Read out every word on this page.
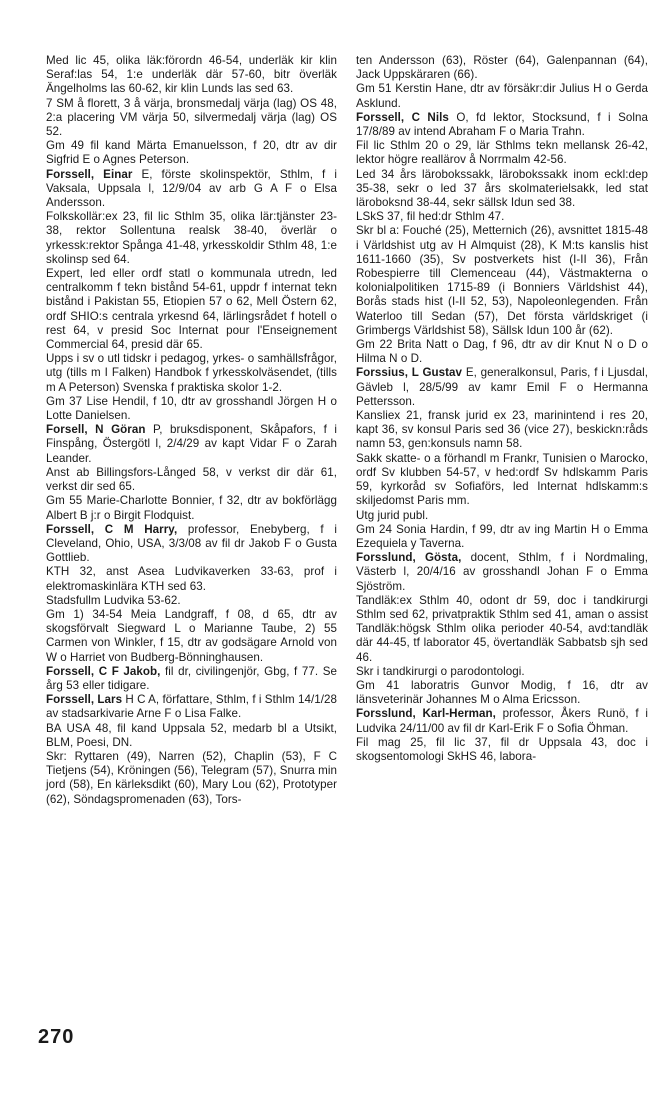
Med lic 45, olika läk:förordn 46-54, underläk kir klin Seraf:las 54, 1:e underläk där 57-60, bitr överläk Ängelholms las 60-62, kir klin Lunds las sed 63.

7 SM å florett, 3 å värja, bronsmedalj värja (lag) OS 48, 2:a placering VM värja 50, silvermedalj värja (lag) OS 52.

Gm 49 fil kand Märta Emanuelsson, f 20, dtr av dir Sigfrid E o Agnes Peterson.

Forssell, Einar E, förste skolinspektör, Sthlm, f i Vaksala, Uppsala l, 12/9/04 av arb G A F o Elsa Andersson.

Folkskollär:ex 23, fil lic Sthlm 35, olika lär:tjänster 23-38, rektor Sollentuna realsk 38-40, överlär o yrkessk:rektor Spånga 41-48, yrkesskoldir Sthlm 48, 1:e skolinsp sed 64.

Expert, led eller ordf statl o kommunala utredn, led centralkomm f tekn bistånd 54-61, uppdr f internat tekn bistånd i Pakistan 55, Etiopien 57 o 62, Mell Östern 62, ordf SHIO:s centrala yrkesnd 64, lärlingsrådet f hotell o rest 64, v presid Soc Internat pour l'Enseignement Commercial 64, presid där 65.

Upps i sv o utl tidskr i pedagog, yrkes- o samhällsfrågor, utg (tills m I Falken) Handbok f yrkesskolväsendet, (tills m A Peterson) Svenska f praktiska skolor 1-2.

Gm 37 Lise Hendil, f 10, dtr av grosshandl Jörgen H o Lotte Danielsen.

Forsell, N Göran P, bruksdisponent, Skåpafors, f i Finspång, Östergötl l, 2/4/29 av kapt Vidar F o Zarah Leander.

Anst ab Billingsfors-Långed 58, v verkst dir där 61, verkst dir sed 65.

Gm 55 Marie-Charlotte Bonnier, f 32, dtr av bokförlägg Albert B j:r o Birgit Flodquist.

Forssell, C M Harry, professor, Enebyberg, f i Cleveland, Ohio, USA, 3/3/08 av fil dr Jakob F o Gusta Gottlieb.

KTH 32, anst Asea Ludvikaverken 33-63, prof i elektromaskinlära KTH sed 63.

Stadsfullm Ludvika 53-62.

Gm 1) 34-54 Meia Landgraff, f 08, d 65, dtr av skogsförvalt Siegward L o Marianne Taube, 2) 55 Carmen von Winkler, f 15, dtr av godsägare Arnold von W o Harriet von Budberg-Bönninghausen.

Forssell, C F Jakob, fil dr, civilingenjör, Gbg, f 77. Se årg 53 eller tidigare.

Forssell, Lars H C A, författare, Sthlm, f i Sthlm 14/1/28 av stadsarkivarie Arne F o Lisa Falke.

BA USA 48, fil kand Uppsala 52, medarb bl a Utsikt, BLM, Poesi, DN.

Skr: Ryttaren (49), Narren (52), Chaplin (53), F C Tietjens (54), Kröningen (56), Telegram (57), Snurra min jord (58), En kärleksdikt (60), Mary Lou (62), Prototyper (62), Söndagspromenaden (63), Tors-

ten Andersson (63), Röster (64), Galenpannan (64), Jack Uppskäraren (66).

Gm 51 Kerstin Hane, dtr av försäkr:dir Julius H o Gerda Asklund.

Forssell, C Nils O, fd lektor, Stocksund, f i Solna 17/8/89 av intend Abraham F o Maria Trahn.

Fil lic Sthlm 20 o 29, lär Sthlms tekn mellansk 26-42, lektor högre reallärov å Norrmalm 42-56.

Led 34 års lärobokssakk, lärobokssakk inom eckl:dep 35-38, sekr o led 37 års skolmaterielsakk, led stat läroboksnd 38-44, sekr sällsk Idun sed 38.

LSkS 37, fil hed:dr Sthlm 47.

Skr bl a: Fouché (25), Metternich (26), avsnittet 1815-48 i Världshist utg av H Almquist (28), K M:ts kanslis hist 1611-1660 (35), Sv postverkets hist (I-II 36), Från Robespierre till Clemenceau (44), Västmakterna o kolonialpolitiken 1715-89 (i Bonniers Världshist 44), Borås stads hist (I-II 52, 53), Napoleonlegenden. Från Waterloo till Sedan (57), Det första världskriget (i Grimbergs Världshist 58), Sällsk Idun 100 år (62).

Gm 22 Brita Natt o Dag, f 96, dtr av dir Knut N o D o Hilma N o D.

Forssius, L Gustav E, generalkonsul, Paris, f i Ljusdal, Gävleb l, 28/5/99 av kamr Emil F o Hermanna Pettersson.

Kansliex 21, fransk jurid ex 23, marinintend i res 20, kapt 36, sv konsul Paris sed 36 (vice 27), beskickn:råds namn 53, gen:konsuls namn 58.

Sakk skatte- o a förhandl m Frankr, Tunisien o Marocko, ordf Sv klubben 54-57, v hed:ordf Sv hdlskamm Paris 59, kyrkoråd sv Sofiaförs, led Internat hdlskamm:s skiljedomst Paris mm.

Utg jurid publ.

Gm 24 Sonia Hardin, f 99, dtr av ing Martin H o Emma Ezequiela y Taverna.

Forsslund, Gösta, docent, Sthlm, f i Nordmaling, Västerb l, 20/4/16 av grosshandl Johan F o Emma Sjöström.

Tandläk:ex Sthlm 40, odont dr 59, doc i tandkirurgi Sthlm sed 62, privatpraktik Sthlm sed 41, aman o assist Tandläk:högsk Sthlm olika perioder 40-54, avd:tandläk där 44-45, tf laborator 45, övertandläk Sabbatsb sjh sed 46.

Skr i tandkirurgi o parodontologi.

Gm 41 laboratris Gunvor Modig, f 16, dtr av länsveterinär Johannes M o Alma Ericsson.

Forsslund, Karl-Herman, professor, Åkers Runö, f i Ludvika 24/11/00 av fil dr Karl-Erik F o Sofia Öhman.

Fil mag 25, fil lic 37, fil dr Uppsala 43, doc i skogsentomologi SkHS 46, labora-

270
